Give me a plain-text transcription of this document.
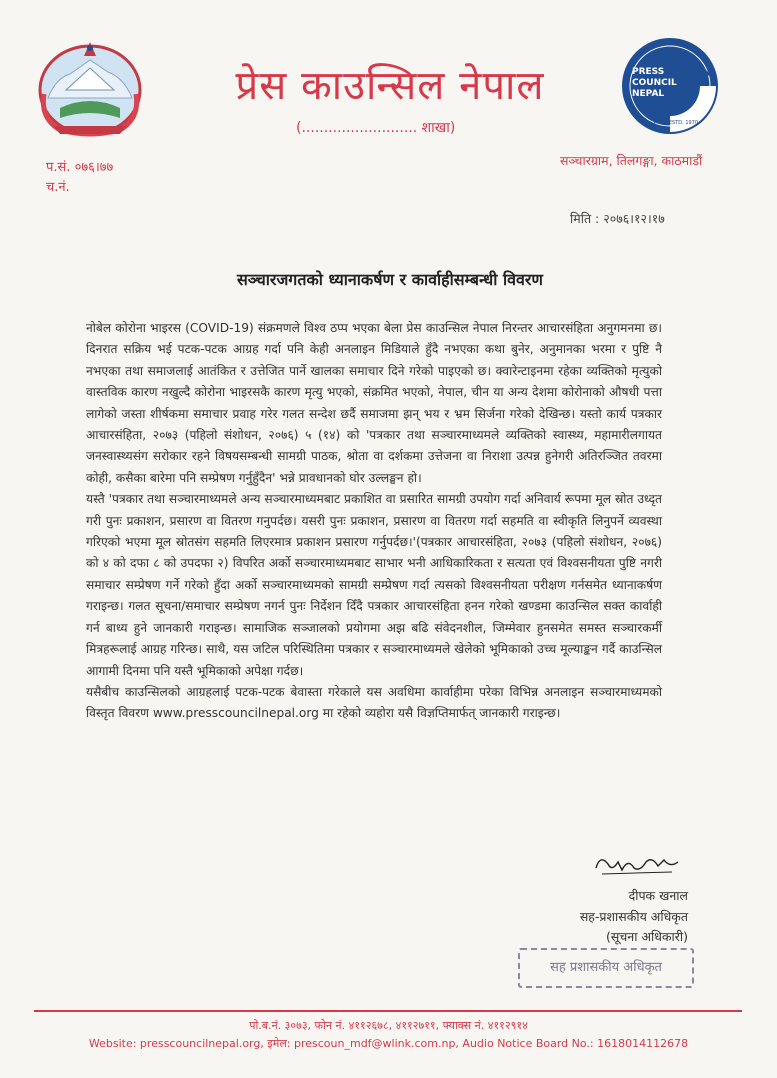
प्रेस काउन्सिल नेपाल
(.......................... शाखा)
PRESS
COUNCIL
NEPAL
स्था. २०२६ - ESTD. 1970
प.सं. ०७६।७७
च.नं.
सञ्चारग्राम, तिलगङ्गा, काठमाडौं
मिति : २०७६।१२।१७
सञ्चारजगतको ध्यानाकर्षण र कार्वाहीसम्बन्धी विवरण

नोबेल कोरोना भाइरस (COVID-19) संक्रमणले विश्व ठप्प भएका बेला प्रेस काउन्सिल नेपाल निरन्तर आचारसंहिता अनुगमनमा छ। दिनरात सक्रिय भई पटक-पटक आग्रह गर्दा पनि केही अनलाइन मिडियाले हुँदै नभएका कथा बुनेर, अनुमानका भरमा र पुष्टि नै नभएका तथा समाजलाई आतंकित र उत्तेजित पार्ने खालका समाचार दिने गरेको पाइएको छ। क्वारेन्टाइनमा रहेका व्यक्तिको मृत्युको वास्तविक कारण नखुल्दै कोरोना भाइरसकै कारण मृत्यु भएको, संक्रमित भएको, नेपाल, चीन या अन्य देशमा कोरोनाको औषधी पत्ता लागेको जस्ता शीर्षकमा समाचार प्रवाह गरेर गलत सन्देश छर्दै समाजमा झन् भय र भ्रम सिर्जना गरेको देखिन्छ। यस्तो कार्य पत्रकार आचारसंहिता, २०७३ (पहिलो संशोधन, २०७६) ५ (१४) को 'पत्रकार तथा सञ्चारमाध्यमले व्यक्तिको स्वास्थ्य, महामारीलगायत जनस्वास्थ्यसंग सरोकार रहने विषयसम्बन्धी सामग्री पाठक, श्रोता वा दर्शकमा उत्तेजना वा निराशा उत्पन्न हुनेगरी अतिरञ्जित तवरमा कोही, कसैका बारेमा पनि सम्प्रेषण गर्नुहुँदैन' भन्ने प्रावधानको घोर उल्लङ्घन हो।

यस्तै 'पत्रकार तथा सञ्चारमाध्यमले अन्य सञ्चारमाध्यमबाट प्रकाशित वा प्रसारित सामग्री उपयोग गर्दा अनिवार्य रूपमा मूल स्रोत उध्दृत गरी पुनः प्रकाशन, प्रसारण वा वितरण गनुपर्दछ। यसरी पुनः प्रकाशन, प्रसारण वा वितरण गर्दा सहमति वा स्वीकृति लिनुपर्ने व्यवस्था गरिएको भएमा मूल स्रोतसंग सहमति लिएरमात्र प्रकाशन प्रसारण गर्नुपर्दछ।'(पत्रकार आचारसंहिता, २०७३ (पहिलो संशोधन, २०७६) को ४ को दफा ८ को उपदफा २) विपरित अर्को सञ्चारमाध्यमबाट साभार भनी आधिकारिकता र सत्यता एवं विश्वसनीयता पुष्टि नगरी समाचार सम्प्रेषण गर्ने गरेको हुँदा अर्को सञ्चारमाध्यमको सामग्री सम्प्रेषण गर्दा त्यसको विश्वसनीयता परीक्षण गर्नसमेत ध्यानाकर्षण गराइन्छ। गलत सूचना/समाचार सम्प्रेषण नगर्न पुनः निर्देशन दिँदै पत्रकार आचारसंहिता हनन गरेको खण्डमा काउन्सिल सक्त कार्वाही गर्न बाध्य हुने जानकारी गराइन्छ। सामाजिक सञ्जालको प्रयोगमा अझ बढि संवेदनशील, जिम्मेवार हुनसमेत समस्त सञ्चारकर्मी मित्रहरूलाई आग्रह गरिन्छ। साथै, यस जटिल परिस्थितिमा पत्रकार र सञ्चारमाध्यमले खेलेको भूमिकाको उच्च मूल्याङ्कन गर्दै काउन्सिल आगामी दिनमा पनि यस्तै भूमिकाको अपेक्षा गर्दछ।

यसैबीच काउन्सिलको आग्रहलाई पटक-पटक बेवास्ता गरेकाले यस अवधिमा कार्वाहीमा परेका विभिन्न अनलाइन सञ्चारमाध्यमको विस्तृत विवरण www.presscouncilnepal.org मा रहेको व्यहोरा यसै विज्ञप्तिमार्फत् जानकारी गराइन्छ।

दीपक खनाल
सह-प्रशासकीय अधिकृत
(सूचना अधिकारी)
सह प्रशासकीय अधिकृत
पो.ब.नं. ३०७३, फोन नं. ४११२६७८, ४११२७११, फ्याक्स नं. ४११२९१४
Website: presscouncilnepal.org, इमेल: prescoun_mdf@wlink.com.np, Audio Notice Board No.: 1618014112678
